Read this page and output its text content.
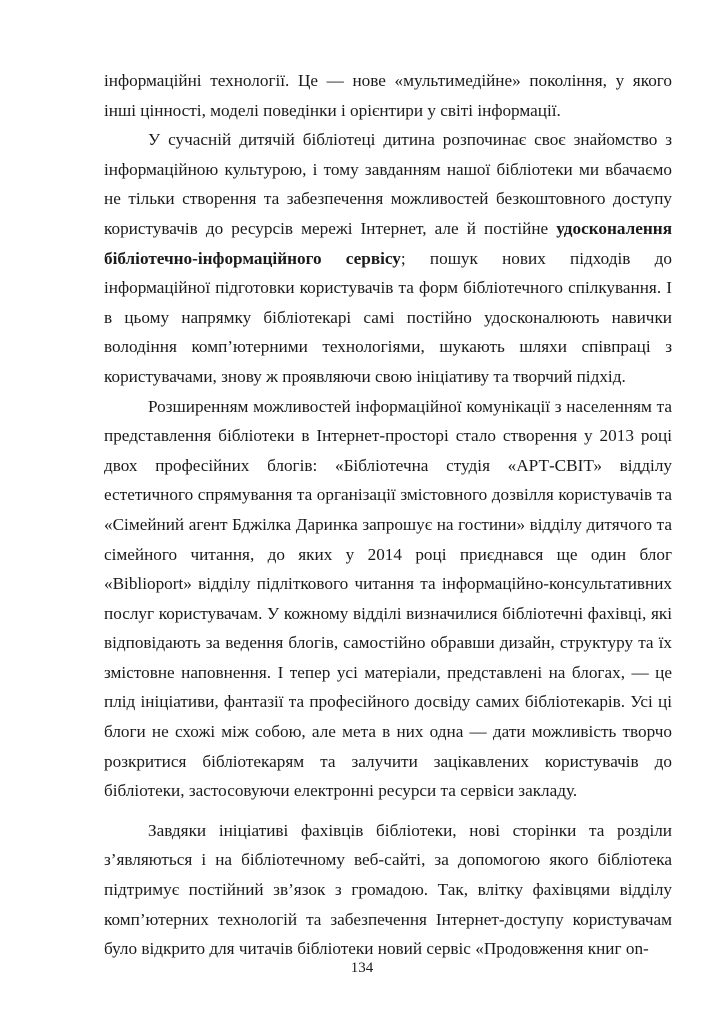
інформаційні технології. Це — нове «мультимедійне» покоління, у якого інші цінності, моделі поведінки і орієнтири у світі інформації.

У сучасній дитячій бібліотеці дитина розпочинає своє знайомство з інформаційною культурою, і тому завданням нашої бібліотеки ми вбачаємо не тільки створення та забезпечення можливостей безкоштовного доступу користувачів до ресурсів мережі Інтернет, але й постійне удосконалення бібліотечно-інформаційного сервісу; пошук нових підходів до інформаційної підготовки користувачів та форм бібліотечного спілкування. І в цьому напрямку бібліотекарі самі постійно удосконалюють навички володіння комп’ютерними технологіями, шукають шляхи співпраці з користувачами, знову ж проявляючи свою ініціативу та творчий підхід.

Розширенням можливостей інформаційної комунікації з населенням та представлення бібліотеки в Інтернет-просторі стало створення у 2013 році двох професійних блогів: «Бібліотечна студія «АРТ-СВІТ» відділу естетичного спрямування та організації змістовного дозвілля користувачів та «Сімейний агент Бджілка Даринка запрошує на гостини» відділу дитячого та сімейного читання, до яких у 2014 році приєднався ще один блог «Biblioport» відділу підліткового читання та інформаційно-консультативних послуг користувачам. У кожному відділі визначилися бібліотечні фахівці, які відповідають за ведення блогів, самостійно обравши дизайн, структуру та їх змістовне наповнення. І тепер усі матеріали, представлені на блогах, — це плід ініціативи, фантазії та професійного досвіду самих бібліотекарів. Усі ці блоги не схожі між собою, але мета в них одна — дати можливість творчо розкритися бібліотекарям та залучити зацікавлених користувачів до бібліотеки, застосовуючи електронні ресурси та сервіси закладу.

Завдяки ініціативі фахівців бібліотеки, нові сторінки та розділи з’являються і на бібліотечному веб-сайті, за допомогою якого бібліотека підтримує постійний зв’язок з громадою. Так, влітку фахівцями відділу комп’ютерних технологій та забезпечення Інтернет-доступу користувачам було відкрито для читачів бібліотеки новий сервіс «Продовження книг on-

134
